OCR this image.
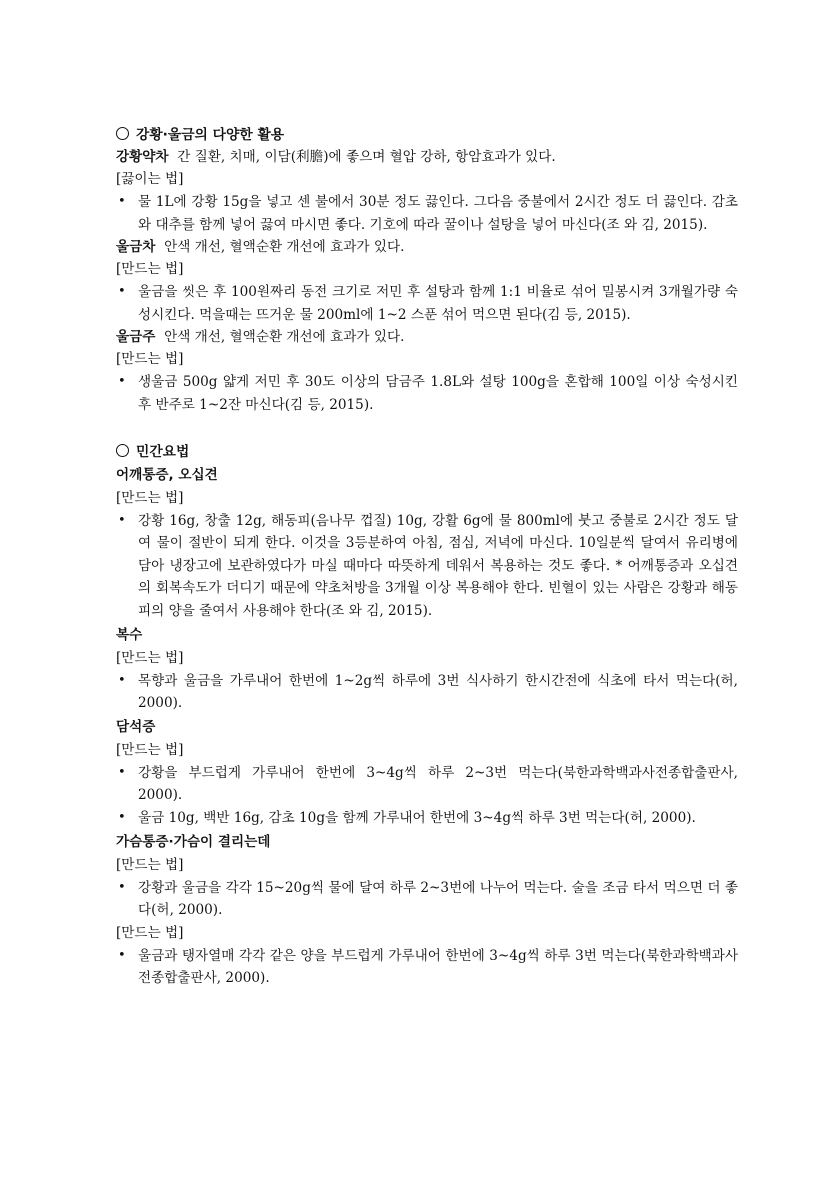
강황·울금의 다양한 활용
강황약차 간 질환, 치매, 이담(利膽)에 좋으며 혈압 강하, 항암효과가 있다.
[끓이는 법]
• 물 1L에 강황 15g을 넣고 센 불에서 30분 정도 끓인다. 그다음 중불에서 2시간 정도 더 끓인다. 감초와 대추를 함께 넣어 끓여 마시면 좋다. 기호에 따라 꿀이나 설탕을 넣어 마신다(조 와 김, 2015).
울금차 안색 개선, 혈액순환 개선에 효과가 있다.
[만드는 법]
• 울금을 씻은 후 100원짜리 동전 크기로 저민 후 설탕과 함께 1:1 비율로 섞어 밀봉시켜 3개월가량 숙성시킨다. 먹을때는 뜨거운 물 200ml에 1~2 스푼 섞어 먹으면 된다(김 등, 2015).
울금주 안색 개선, 혈액순환 개선에 효과가 있다.
[만드는 법]
• 생울금 500g 얇게 저민 후 30도 이상의 담금주 1.8L와 설탕 100g을 혼합해 100일 이상 숙성시킨 후 반주로 1~2잔 마신다(김 등, 2015).
민간요법
어깨통증, 오십견
[만드는 법]
• 강황 16g, 창출 12g, 해동피(음나무 껍질) 10g, 강활 6g에 물 800ml에 붓고 중불로 2시간 정도 달여 물이 절반이 되게 한다. 이것을 3등분하여 아침, 점심, 저녁에 마신다. 10일분씩 달여서 유리병에 담아 냉장고에 보관하였다가 마실 때마다 따뜻하게 데워서 복용하는 것도 좋다. * 어깨통증과 오십견의 회복속도가 더디기 때문에 약초처방을 3개월 이상 복용해야 한다. 빈혈이 있는 사람은 강황과 해동피의 양을 줄여서 사용해야 한다(조 와 김, 2015).
복수
[만드는 법]
• 목향과 울금을 가루내어 한번에 1~2g씩 하루에 3번 식사하기 한시간전에 식초에 타서 먹는다(허, 2000).
담석증
[만드는 법]
• 강황을 부드럽게 가루내어 한번에 3~4g씩 하루 2~3번 먹는다(북한과학백과사전종합출판사, 2000).
• 울금 10g, 백반 16g, 감초 10g을 함께 가루내어 한번에 3~4g씩 하루 3번 먹는다(허, 2000).
가슴통증·가슴이 결리는데
[만드는 법]
• 강황과 울금을 각각 15~20g씩 물에 달여 하루 2~3번에 나누어 먹는다. 술을 조금 타서 먹으면 더 좋다(허, 2000).
[만드는 법]
• 울금과 탱자열매 각각 같은 양을 부드럽게 가루내어 한번에 3~4g씩 하루 3번 먹는다(북한과학백과사전종합출판사, 2000).
